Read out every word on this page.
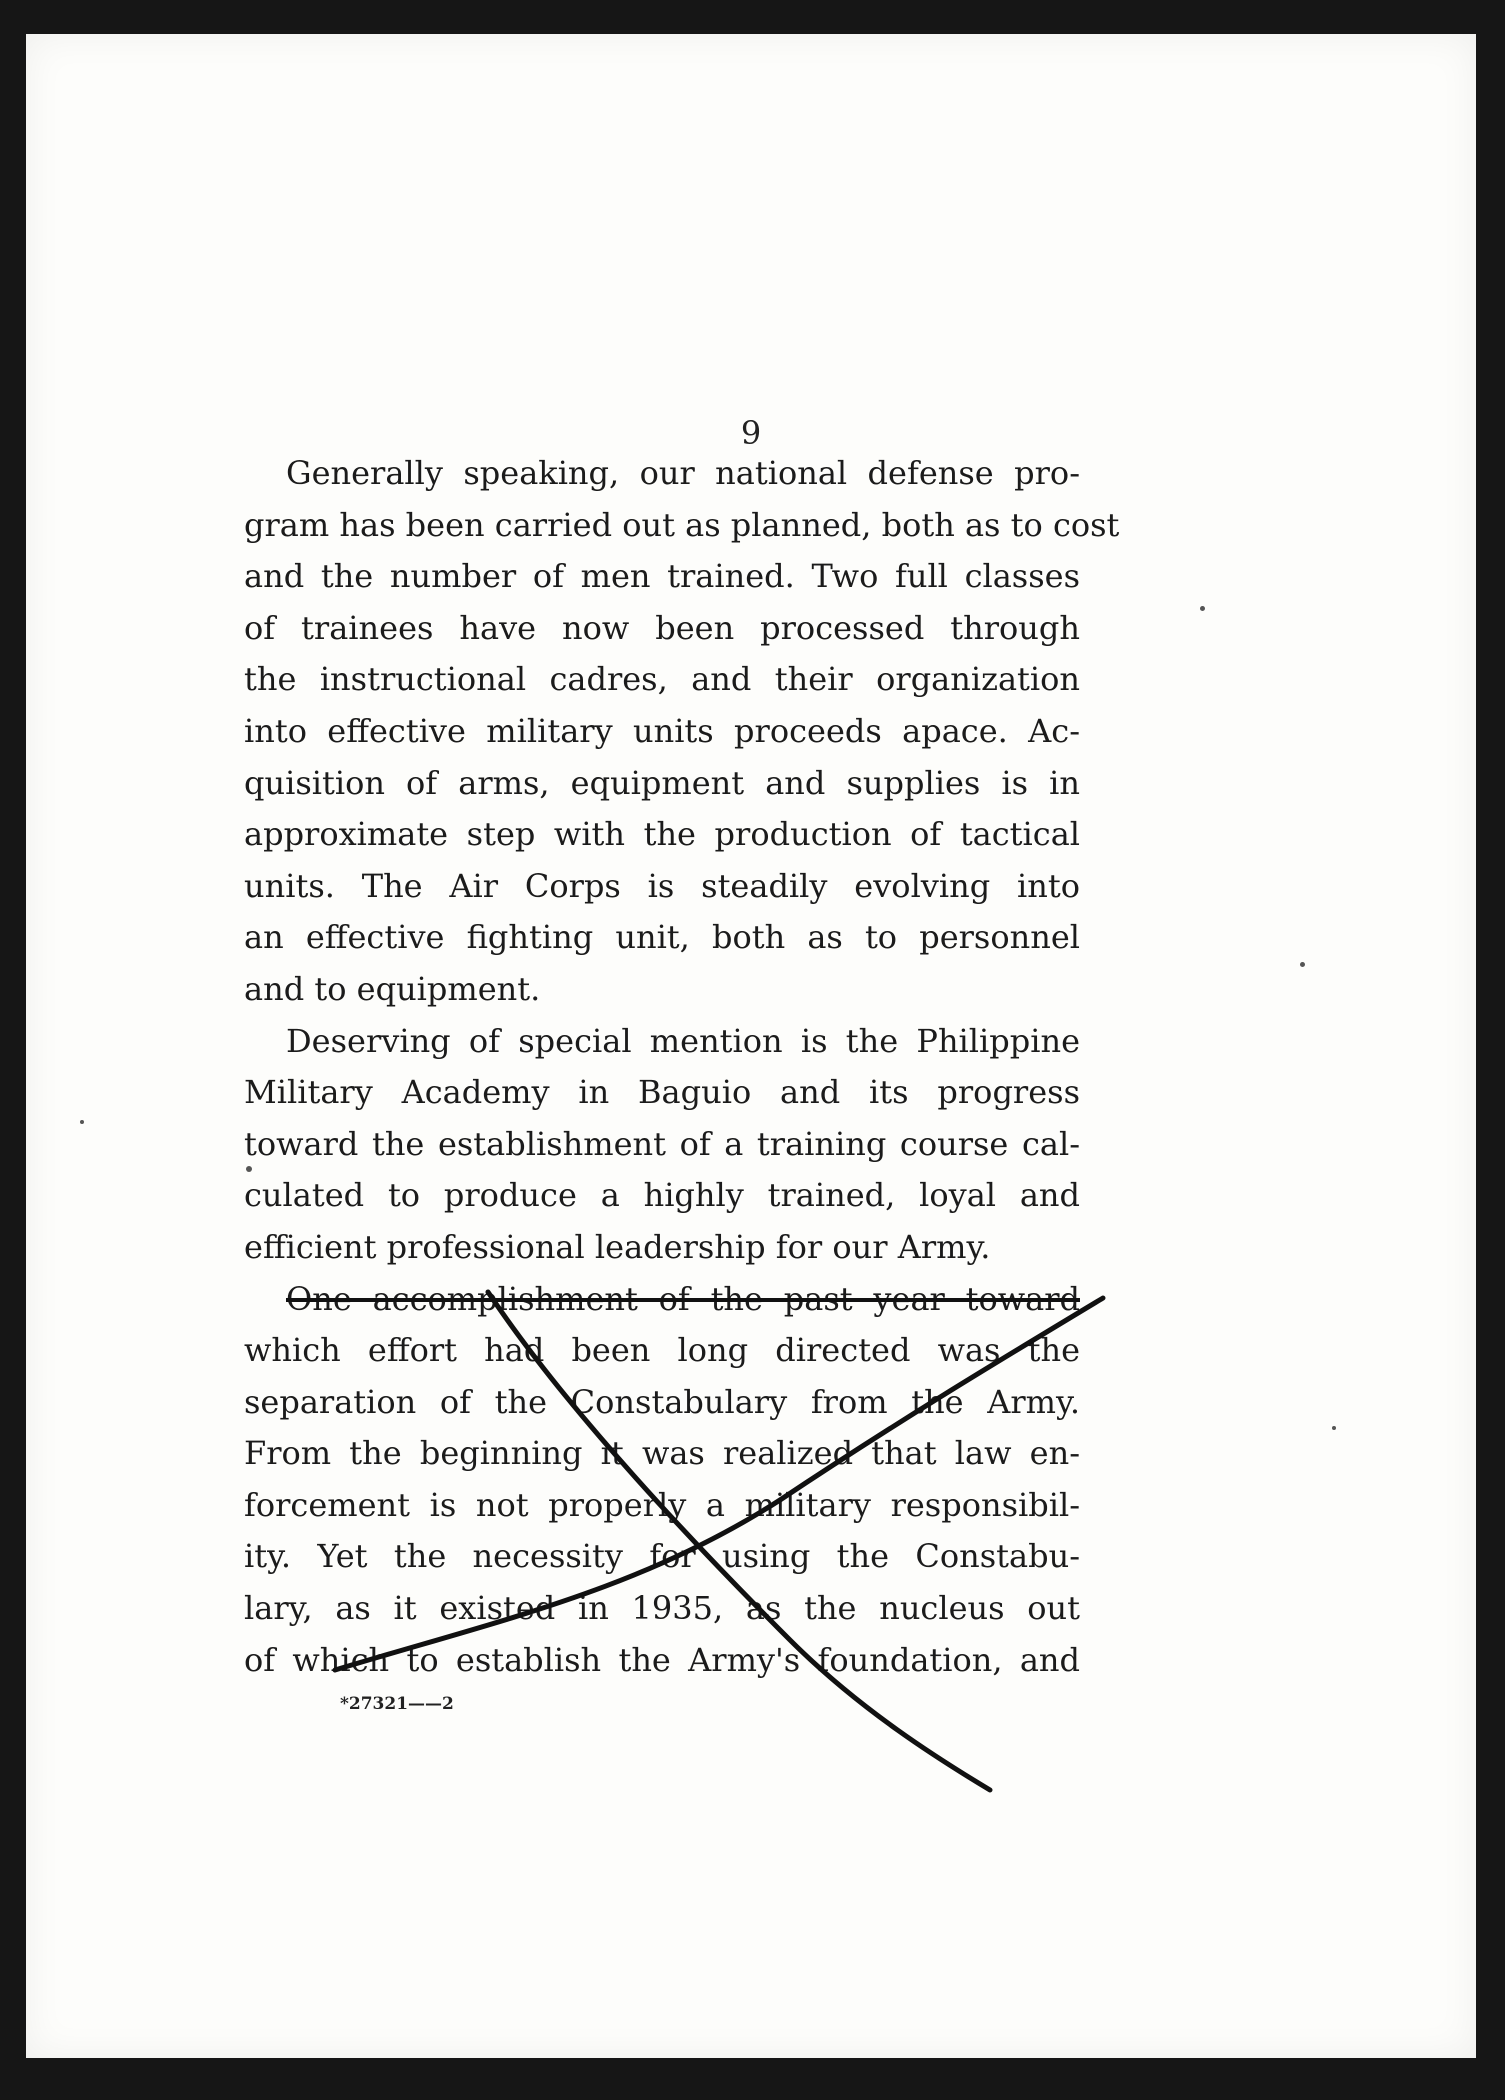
9
Generally speaking, our national defense pro-
gram has been carried out as planned, both as to cost
and the number of men trained. Two full classes
of trainees have now been processed through
the instructional cadres, and their organization
into effective military units proceeds apace. Ac-
quisition of arms, equipment and supplies is in
approximate step with the production of tactical
units. The Air Corps is steadily evolving into
an effective fighting unit, both as to personnel
and to equipment.
Deserving of special mention is the Philippine
Military Academy in Baguio and its progress
toward the establishment of a training course cal-
culated to produce a highly trained, loyal and
efficient professional leadership for our Army.
One accomplishment of the past year toward
which effort had been long directed was the
separation of the Constabulary from the Army.
From the beginning it was realized that law en-
forcement is not properly a military responsibil-
ity. Yet the necessity for using the Constabu-
lary, as it existed in 1935, as the nucleus out
of which to establish the Army's foundation, and
*27321——2
